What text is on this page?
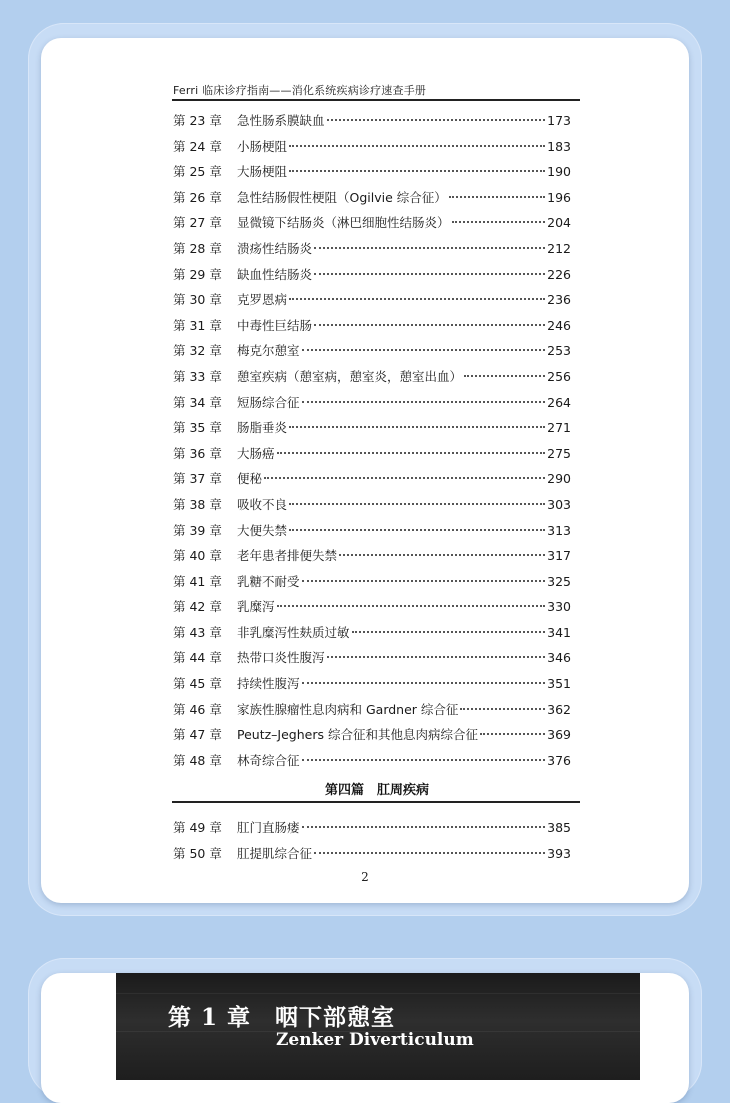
Ferri 临床诊疗指南——消化系统疾病诊疗速查手册
第 23 章	急性肠系膜缺血	173
第 24 章	小肠梗阻	183
第 25 章	大肠梗阻	190
第 26 章	急性结肠假性梗阻（Ogilvie 综合征）	196
第 27 章	显微镜下结肠炎（淋巴细胞性结肠炎）	204
第 28 章	溃疡性结肠炎	212
第 29 章	缺血性结肠炎	226
第 30 章	克罗恩病	236
第 31 章	中毒性巨结肠	246
第 32 章	梅克尔憩室	253
第 33 章	憩室疾病（憩室病，憩室炎，憩室出血）	256
第 34 章	短肠综合征	264
第 35 章	肠脂垂炎	271
第 36 章	大肠癌	275
第 37 章	便秘	290
第 38 章	吸收不良	303
第 39 章	大便失禁	313
第 40 章	老年患者排便失禁	317
第 41 章	乳糖不耐受	325
第 42 章	乳糜泻	330
第 43 章	非乳糜泻性麸质过敏	341
第 44 章	热带口炎性腹泻	346
第 45 章	持续性腹泻	351
第 46 章	家族性腺瘤性息肉病和 Gardner 综合征	362
第 47 章	Peutz–Jeghers 综合征和其他息肉病综合征	369
第 48 章	林奇综合征	376
第四篇　肛周疾病
第 49 章	肛门直肠瘘	385
第 50 章	肛提肌综合征	393
2
第 1 章　咽下部憩室
Zenker Diverticulum
